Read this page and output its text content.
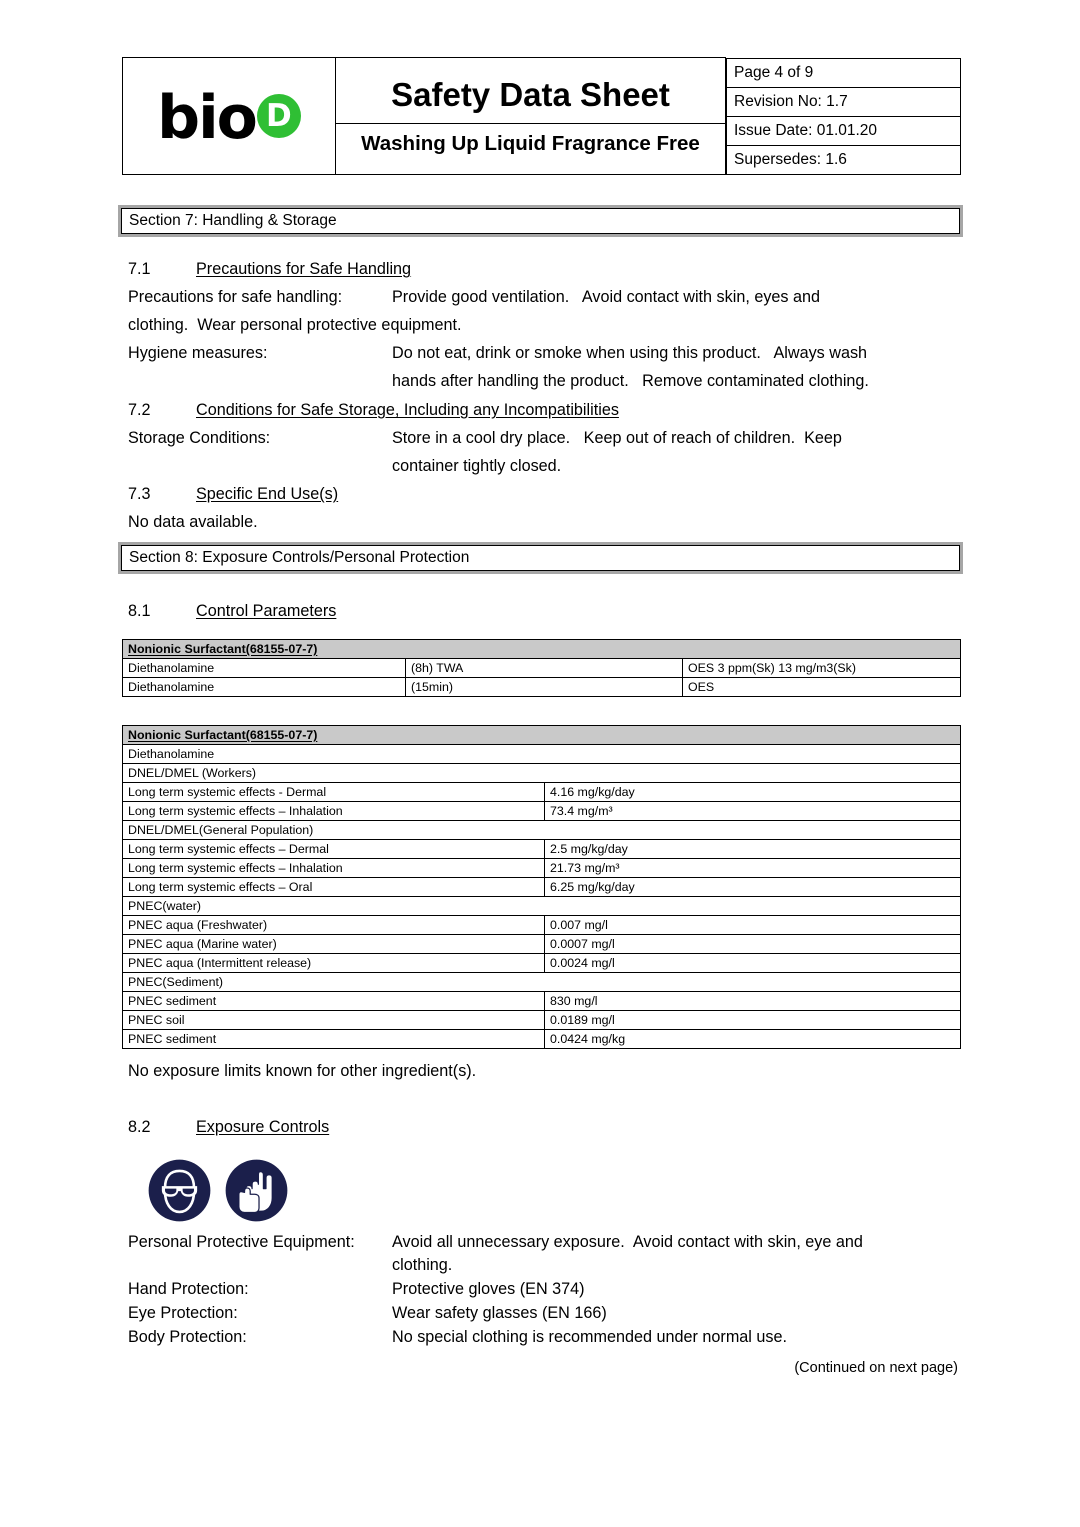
bio D

Safety Data Sheet
Washing Up Liquid Fragrance Free

Page 4 of 9
Revision No: 1.7
Issue Date: 01.01.20
Supersedes: 1.6
Section 7: Handling & Storage
7.1	Precautions for Safe Handling
Precautions for safe handling:	Provide good ventilation.   Avoid contact with skin, eyes and
clothing.  Wear personal protective equipment.
Hygiene measures:	Do not eat, drink or smoke when using this product.   Always wash
hands after handling the product.   Remove contaminated clothing.
7.2	Conditions for Safe Storage, Including any Incompatibilities
Storage Conditions:	Store in a cool dry place.   Keep out of reach of children.  Keep
container tightly closed.
7.3	Specific End Use(s)
No data available.
Section 8: Exposure Controls/Personal Protection
8.1	Control Parameters
Nonionic Surfactant(68155-07-7)		
Diethanolamine	(8h) TWA	OES 3 ppm(Sk) 13 mg/m3(Sk)
Diethanolamine	(15min)	OES
Nonionic Surfactant(68155-07-7)	
Diethanolamine	
DNEL/DMEL (Workers)	
Long term systemic effects - Dermal	4.16 mg/kg/day
Long term systemic effects – Inhalation	73.4 mg/m³
DNEL/DMEL(General Population)	
Long term systemic effects – Dermal	2.5 mg/kg/day
Long term systemic effects – Inhalation	21.73 mg/m³
Long term systemic effects – Oral	6.25 mg/kg/day
PNEC(water)	
PNEC aqua (Freshwater)	0.007 mg/l
PNEC aqua (Marine water)	0.0007 mg/l
PNEC aqua (Intermittent release)	0.0024 mg/l
PNEC(Sediment)	
PNEC sediment	830 mg/l
PNEC soil	0.0189 mg/l
PNEC sediment	0.0424 mg/kg
No exposure limits known for other ingredient(s).
8.2	Exposure Controls
Personal Protective Equipment: Avoid all unnecessary exposure.  Avoid contact with skin, eye and
clothing.
Hand Protection:	Protective gloves (EN 374)
Eye Protection:	Wear safety glasses (EN 166)
Body Protection:	No special clothing is recommended under normal use.
(Continued on next page)
